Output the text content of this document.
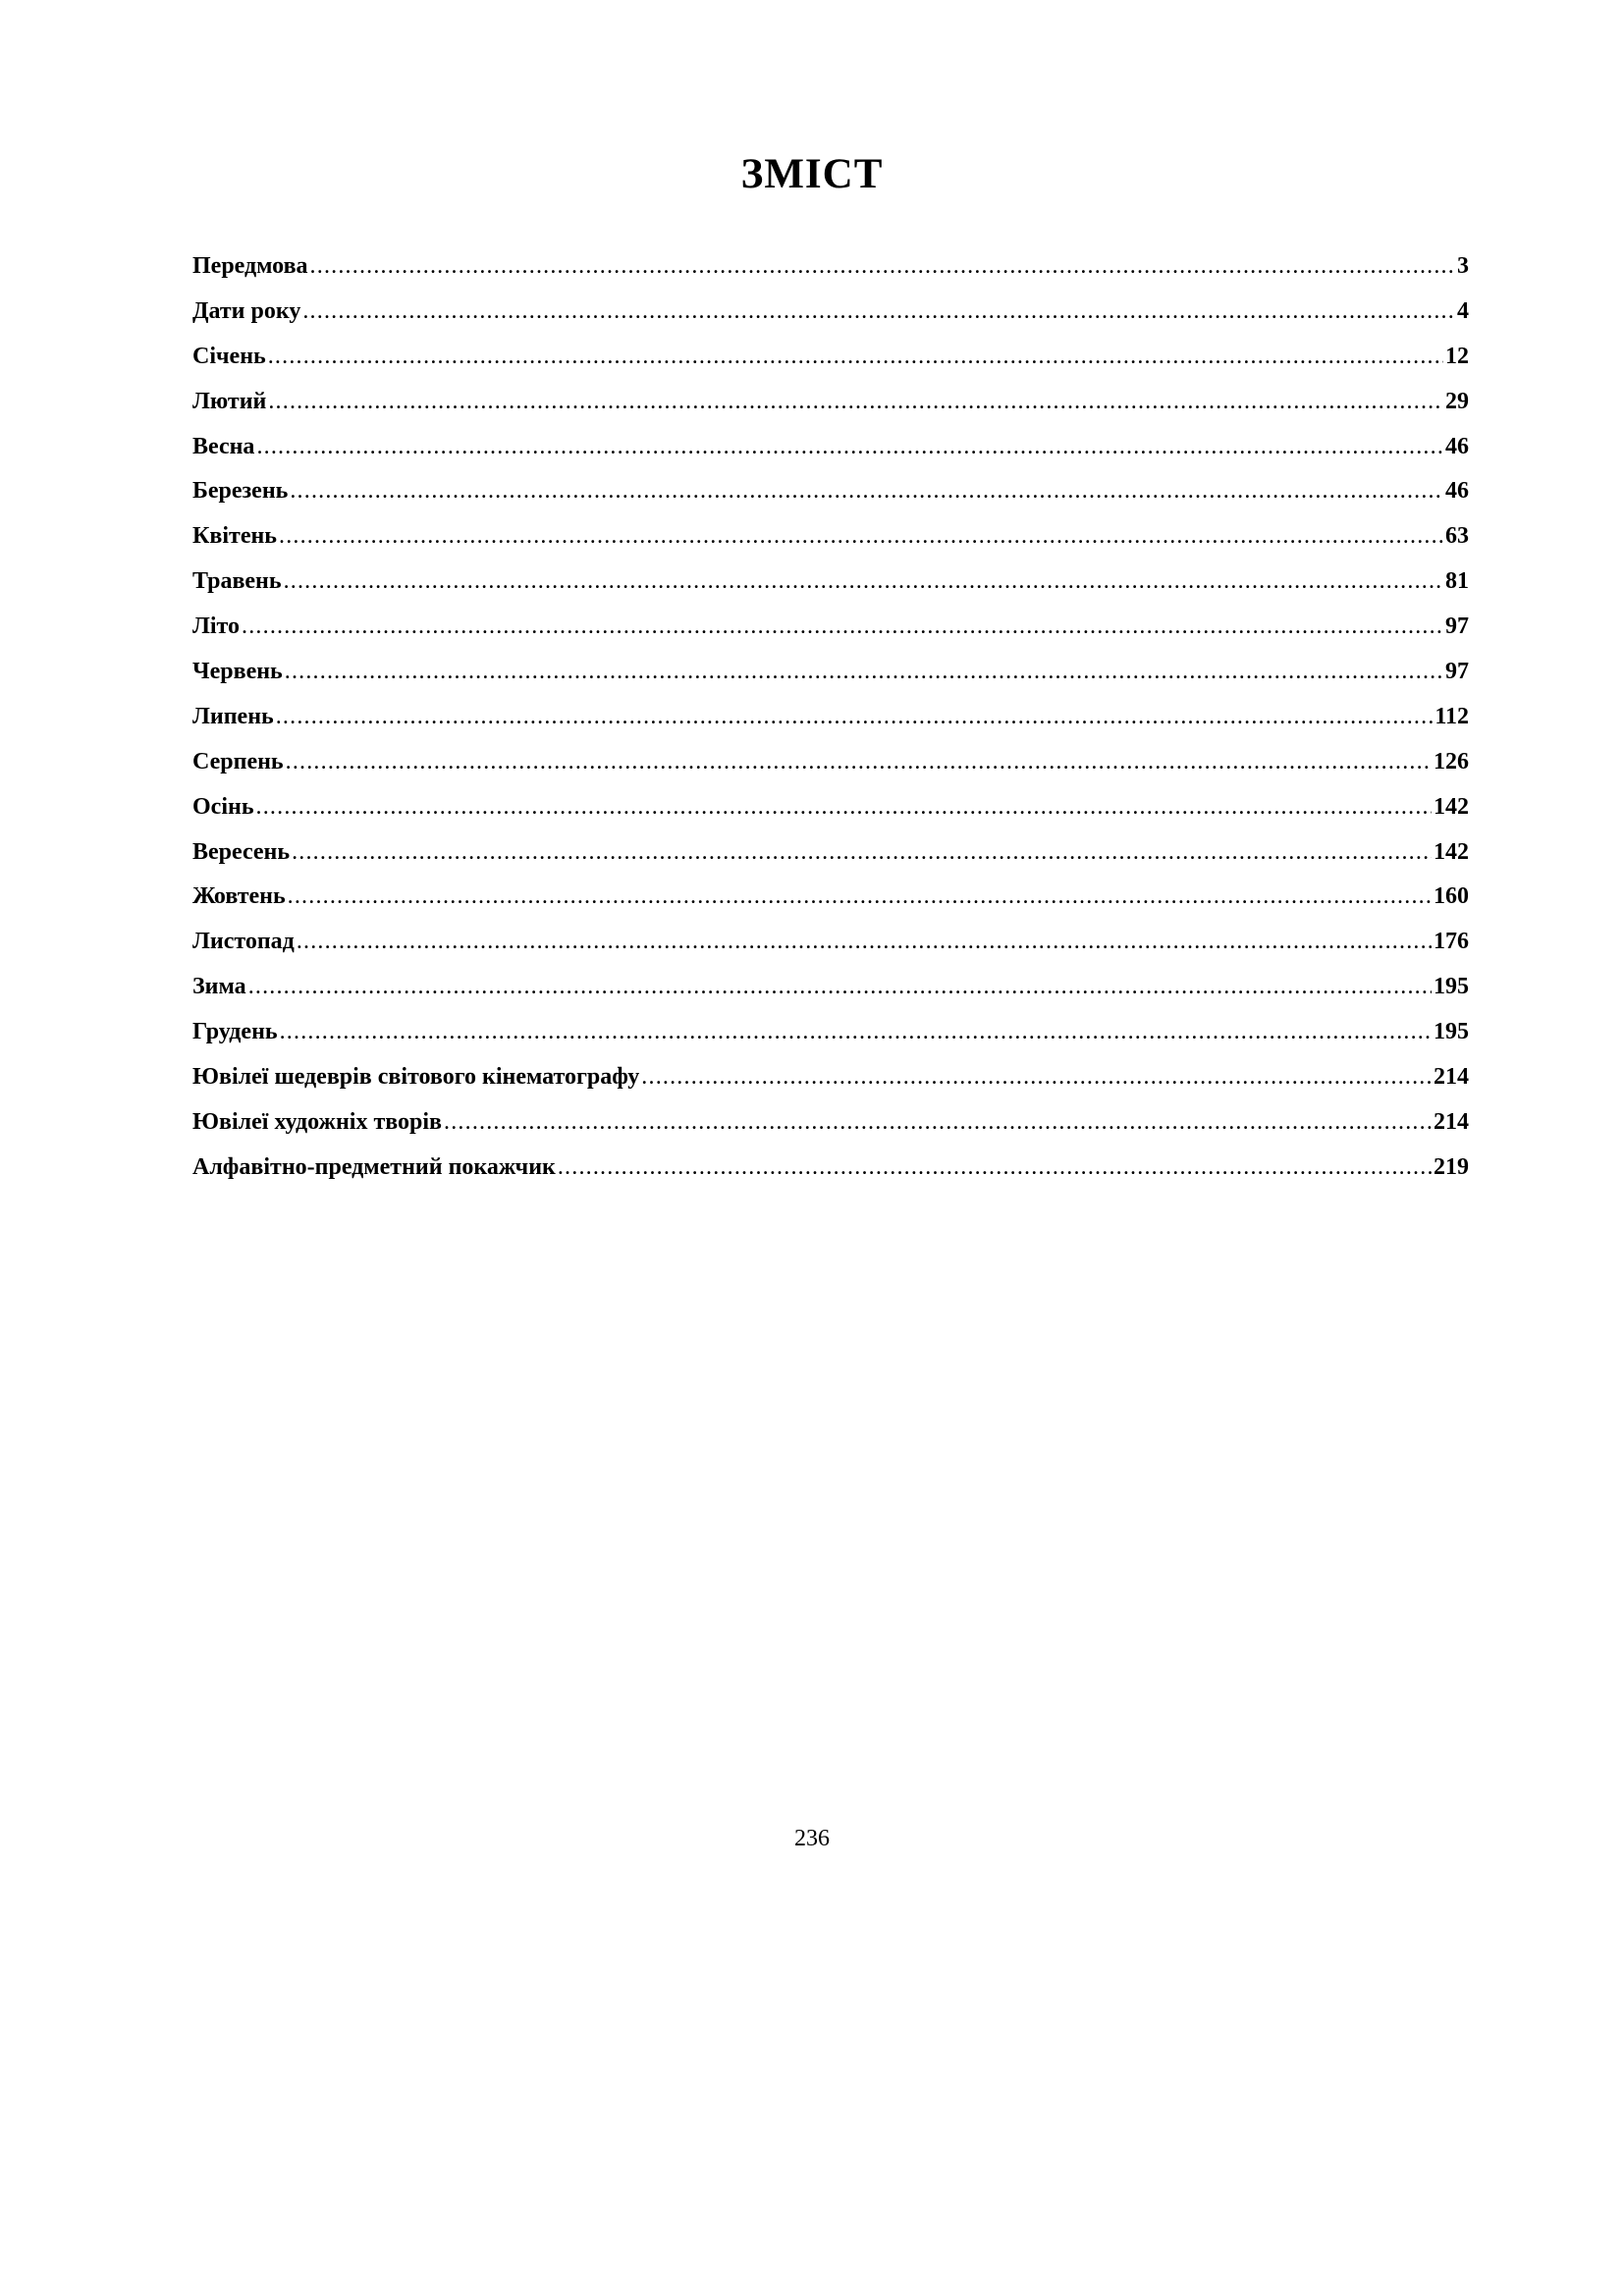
ЗМІСТ
Передмова .....	3
Дати року .....	4
Січень .....	12
Лютий .....	29
Весна .....	46
Березень .....	46
Квітень .....	63
Травень .....	81
Літо .....	97
Червень .....	97
Липень .....	112
Серпень .....	126
Осінь .....	142
Вересень .....	142
Жовтень .....	160
Листопад .....	176
Зима .....	195
Грудень .....	195
Ювілеї шедеврів світового кінематографу .....	214
Ювілеї художніх творів .....	214
Алфавітно-предметний покажчик .....	219
236
